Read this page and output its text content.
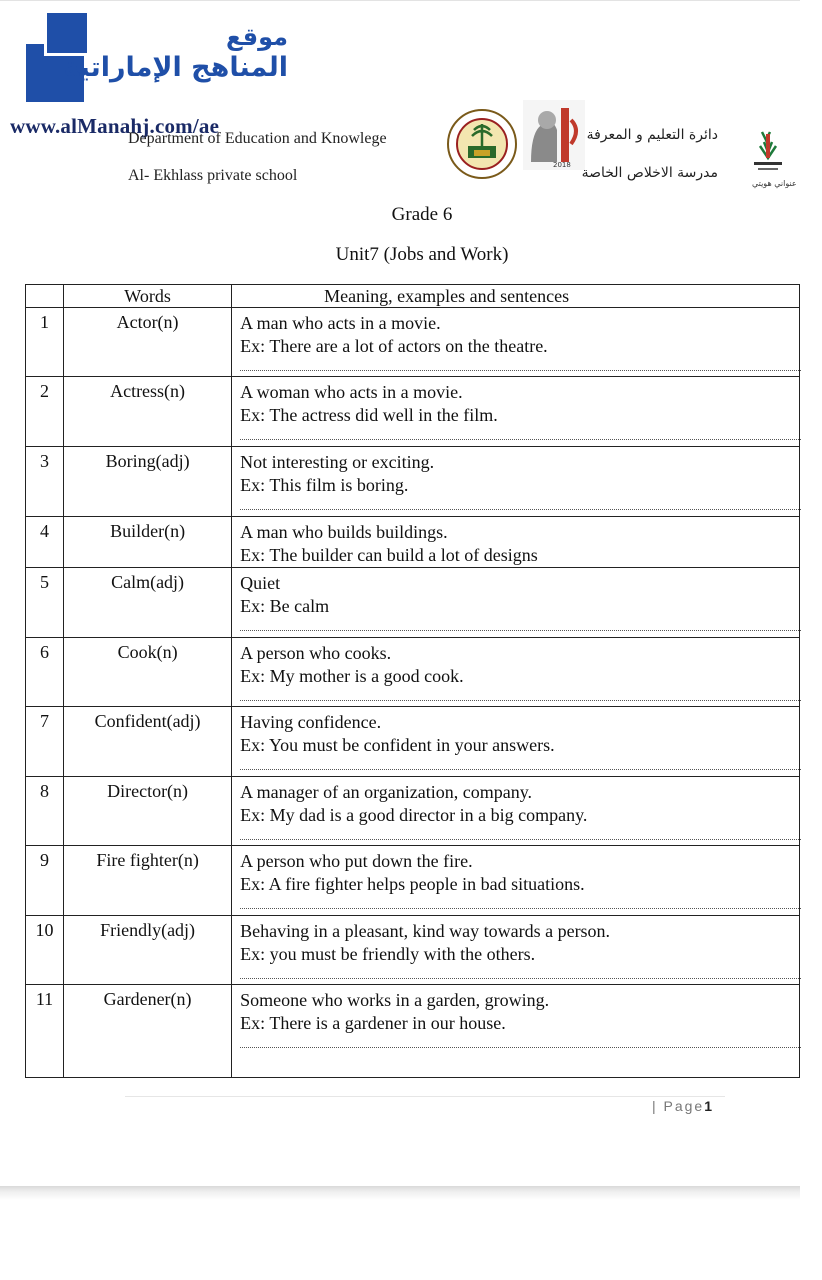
موقع
المناهج الإماراتية
www.alManahj.com/ae
Department of Education and Knowlege
Al- Ekhlass private school
2018
دائرة التعليم و المعرفة
مدرسة الاخلاص الخاصة
عنواني هويتي
Grade 6
Unit7 (Jobs and Work)
	Words	Meaning, examples and sentences
1	Actor(n)	A man who acts in a movie.
Ex: There are a lot of actors on the theatre.

2	Actress(n)	A woman who acts in a movie.
Ex: The actress did well in the film.

3	Boring(adj)	Not interesting or exciting.
Ex: This film is boring.

4	Builder(n)	A man who builds buildings.
Ex: The builder can build a lot of designs

5	Calm(adj)	Quiet
Ex: Be calm

6	Cook(n)	A person who cooks.
Ex: My mother is a good cook.

7	Confident(adj)	Having confidence.
Ex: You must be confident in your answers.

8	Director(n)	A manager of an organization, company.
Ex: My dad is a good director in a big company.

9	Fire fighter(n)	A person who put down the fire.
Ex: A fire fighter helps people in bad situations.

10	Friendly(adj)	Behaving in a pleasant, kind way towards a person.
Ex: you must be friendly with the others.

11	Gardener(n)	Someone who works in a garden, growing.
Ex: There is a gardener in our house.
| Page1
